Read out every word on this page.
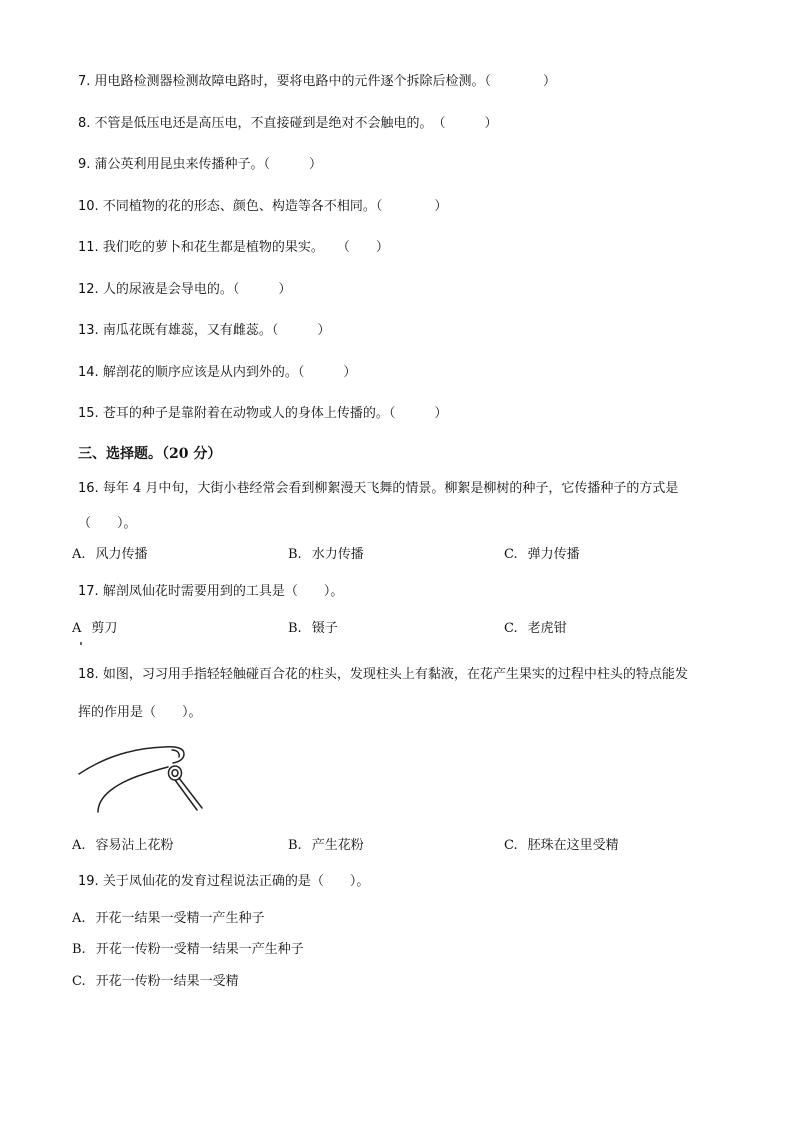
7. 用电路检测器检测故障电路时，要将电路中的元件逐个拆除后检测。（　　　　）
8. 不管是低压电还是高压电，不直接碰到是绝对不会触电的。　（　　　）
9. 蒲公英利用昆虫来传播种子。（　　　）
10. 不同植物的花的形态、颜色、构造等各不相同。（　　　　）
11. 我们吃的萝卜和花生都是植物的果实。　　（　　）
12. 人的尿液是会导电的。（　　　）
13. 南瓜花既有雄蕊，又有雌蕊。（　　　）
14. 解剖花的顺序应该是从内到外的。（　　　）
15. 苍耳的种子是靠附着在动物或人的身体上传播的。（　　　）
三、选择题。（20 分）
16. 每年 4 月中旬，大街小巷经常会看到柳絮漫天飞舞的情景。柳絮是柳树的种子，它传播种子的方式是
（　　）。
A. 风力传播	B. 水力传播	C. 弹力传播
17. 解剖凤仙花时需要用到的工具是（　　）。
A 剪刀	B. 镊子	C. 老虎钳
18. 如图，习习用手指轻轻触碰百合花的柱头，发现柱头上有黏液，在花产生果实的过程中柱头的特点能发
挥的作用是（　　）。
A. 容易沾上花粉	B. 产生花粉	C. 胚珠在这里受精
19. 关于凤仙花的发育过程说法正确的是（　　）。
A. 开花一结果一受精一产生种子
B. 开花一传粉一受精一结果一产生种子
C. 开花一传粉一结果一受精
